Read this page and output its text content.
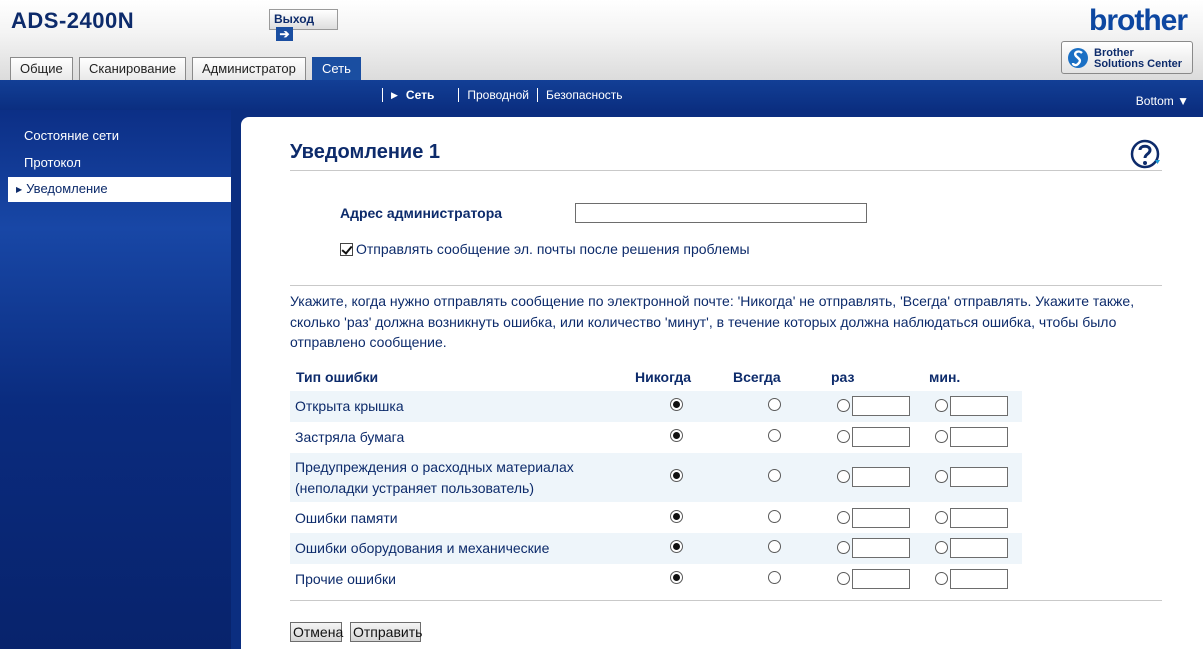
ADS-2400N	Выход ➔	brother
Brother
Solutions Center
Общие	Сканирование	Администратор	Сеть
▶ Сеть	Проводной Безопасность	Bottom ▼
Состояние сети
Протокол
▶ Уведомление
Уведомление 1
Адрес администратора
Отправлять сообщение эл. почты после решения проблемы
Укажите, когда нужно отправлять сообщение по электронной почте: 'Никогда' не отправлять, 'Всегда' отправлять. Укажите также, сколько 'раз' должна возникнуть ошибка, или количество 'минут', в течение которых должна наблюдаться ошибка, чтобы было отправлено сообщение.
Тип ошибки	Никогда	Всегда	раз	мин.
Открыта крышка
Застряла бумага
Предупреждения о расходных материалах
(неполадки устраняет пользователь)
Ошибки памяти
Ошибки оборудования и механические
Прочие ошибки
Отмена Отправить
